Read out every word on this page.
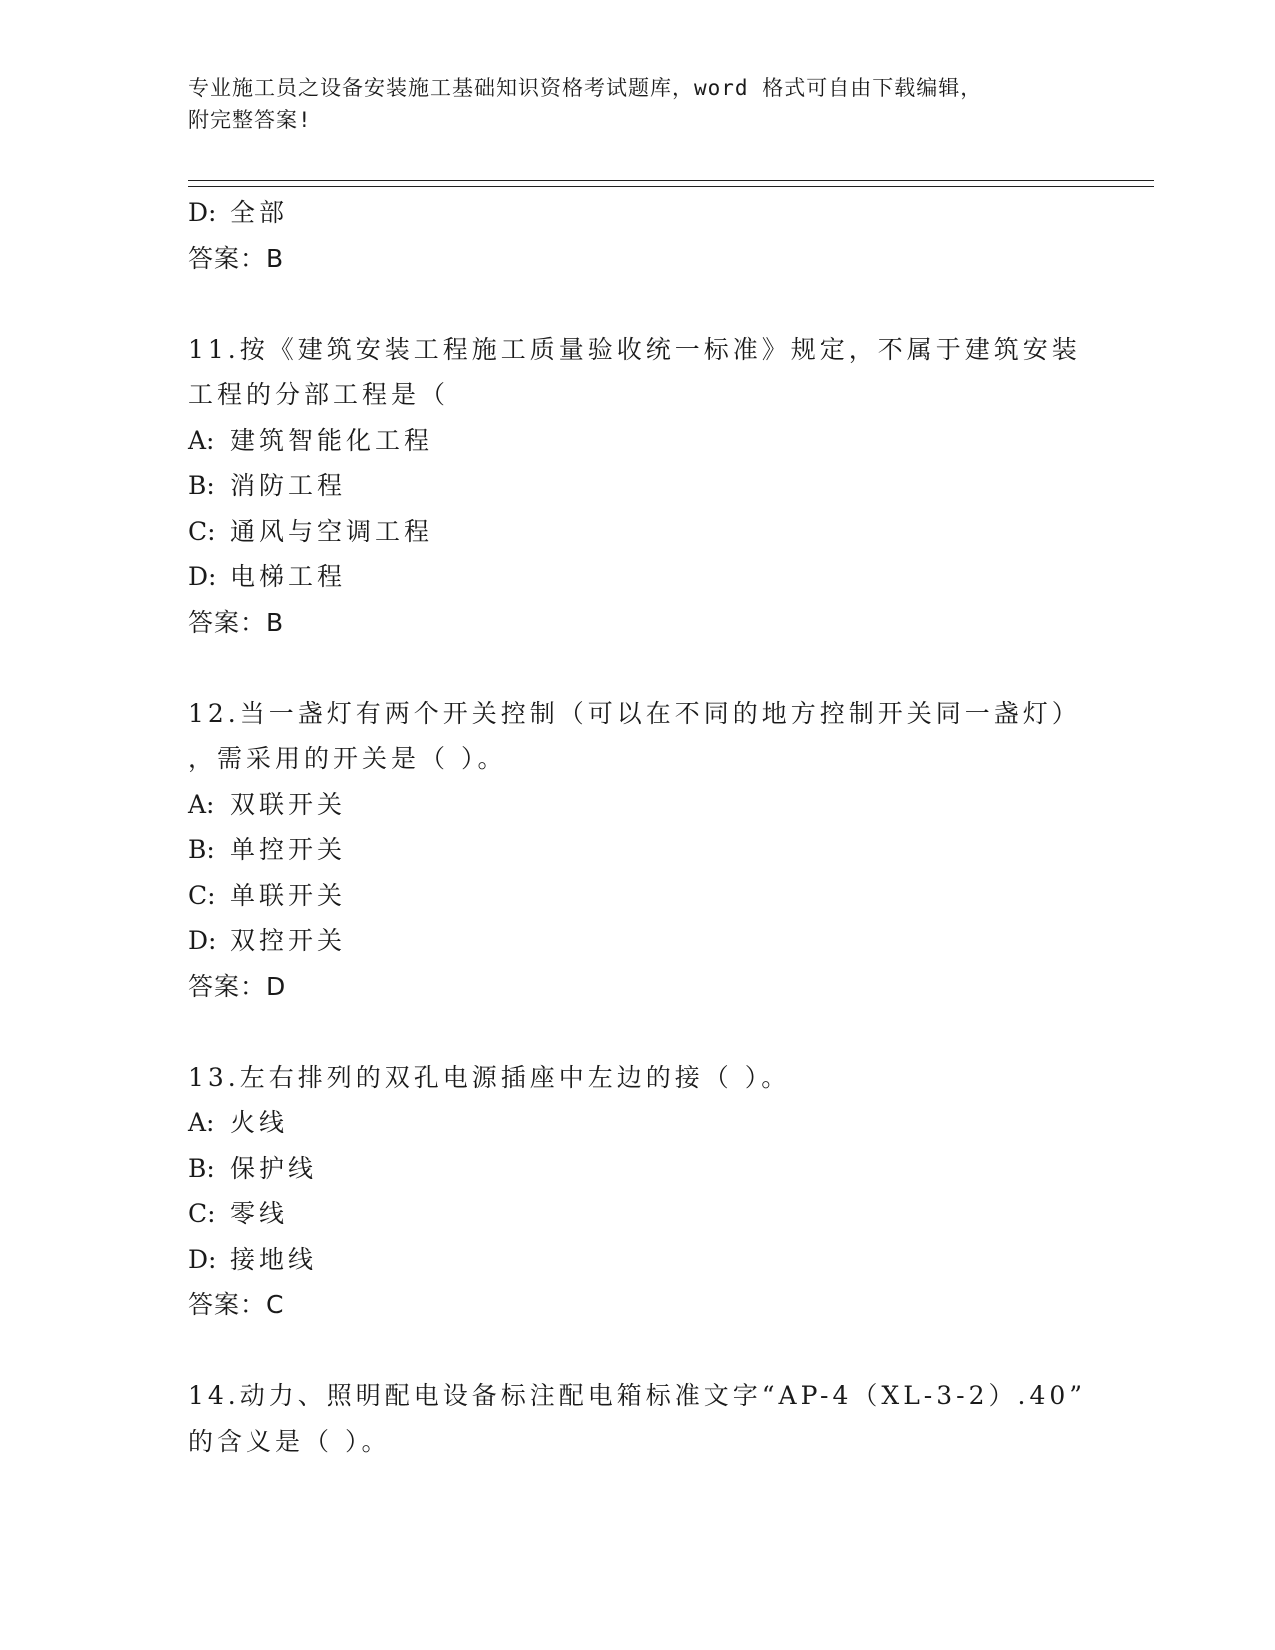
专业施工员之设备安装施工基础知识资格考试题库，word 格式可自由下载编辑，
附完整答案!
D: 全部
答案：B
11.按《建筑安装工程施工质量验收统一标准》规定，不属于建筑安装
工程的分部工程是（
A: 建筑智能化工程
B: 消防工程
C: 通风与空调工程
D: 电梯工程
答案：B
12.当一盏灯有两个开关控制（可以在不同的地方控制开关同一盏灯）
，需采用的开关是（ ）。
A: 双联开关
B: 单控开关
C: 单联开关
D: 双控开关
答案：D
13.左右排列的双孔电源插座中左边的接（ ）。
A: 火线
B: 保护线
C: 零线
D: 接地线
答案：C
14.动力、照明配电设备标注配电箱标准文字“AP-4（XL-3-2）.40”
的含义是（ ）。
